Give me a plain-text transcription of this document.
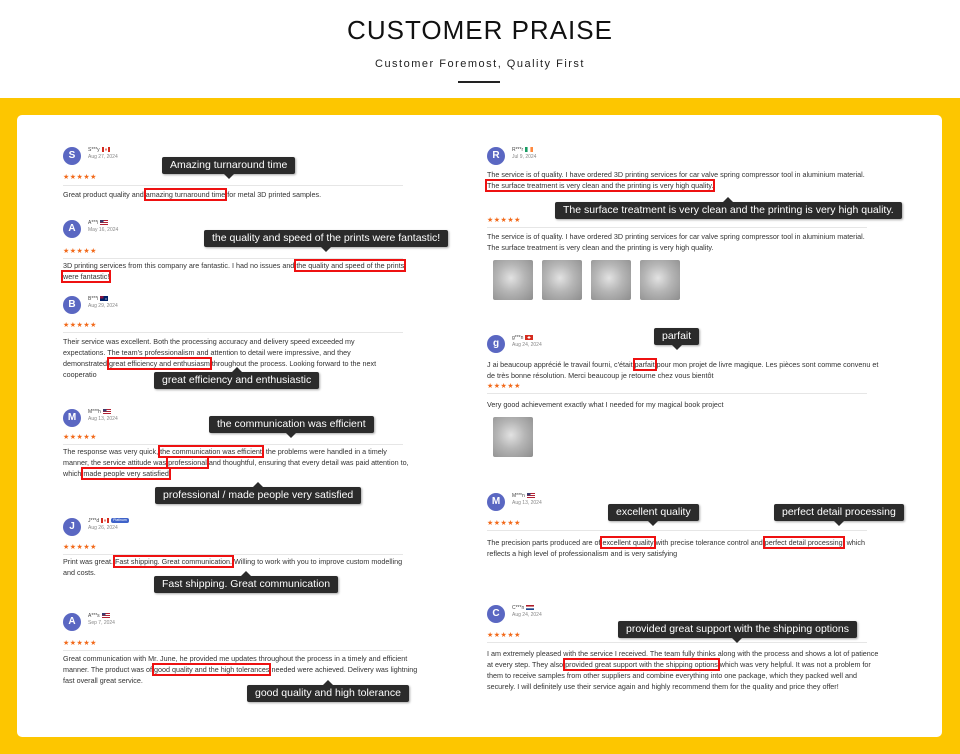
CUSTOMER PRAISE
Customer Foremost, Quality First
S	S***y
Aug 27, 2024
★★★★★
Great product quality and amazing turnaround time for metal 3D printed samples.
Amazing turnaround time
A	A***i
May 16, 2024
★★★★★
3D printing services from this company are fantastic. I had no issues and the quality and speed of the prints were fantastic!
the quality and speed of the prints were fantastic!
B	B***i
Aug 29, 2024
★★★★★
Their service was excellent. Both the processing accuracy and delivery speed exceeded my expectations. The team's professionalism and attention to detail were impressive, and they demonstrated great efficiency and enthusiasm throughout the process. Looking forward to the next cooperatio	great efficiency and enthusiastic
M	M***h
Aug 13, 2024
★★★★★
The response was very quick, the communication was efficient, the problems were handled in a timely manner, the service attitude was professional and thoughtful, ensuring that every detail was paid attention to, which made people very satisfied.
the communication was efficient
professional / made people very satisfied
J	J***d	Platinum
Aug 26, 2024
★★★★★
Print was great. Fast shipping. Great communication. Willing to work with you to improve custom modelling and costs.
Fast shipping. Great communication
A	A***s
Sep 7, 2024
★★★★★
Great communication with Mr. June, he provided me updates throughout the process in a timely and efficient manner. The product was of good quality and the high tolerances needed were achieved. Delivery was lightning fast overall great service.
good quality and high tolerance
R	R***r
Jul 9, 2024
The service is of quality. I have ordered 3D printing services for car valve spring compressor tool in aluminium material. The surface treatment is very clean and the printing is very high quality.
★★★★★
The service is of quality. I have ordered 3D printing services for car valve spring compressor tool in aluminium material. The surface treatment is very clean and the printing is very high quality.
The surface treatment is very clean and the printing is very high quality.
g	g***n
Aug 24, 2024
J ai beaucoup apprécié le travail fourni, c'était parfait pour mon projet de livre magique. Les pièces sont comme convenu et de très bonne résolution. Merci beaucoup je retourne chez vous bientôt
★★★★★
Very good achievement exactly what I needed for my magical book project
parfait
M	M***n
Aug 13, 2024
★★★★★
The precision parts produced are of excellent quality with precise tolerance control and perfect detail processing, which reflects a high level of professionalism and is very satisfying
excellent quality	perfect detail processing
C	C***n
Aug 24, 2024
★★★★★
I am extremely pleased with the service I received. The team fully thinks along with the process and shows a lot of patience at every step. They also provided great support with the shipping options which was very helpful. It was not a problem for them to receive samples from other suppliers and combine everything into one package, which they packed well and securely. I will definitely use their service again and highly recommend them for the quality and price they offer!
provided great support with the shipping options
